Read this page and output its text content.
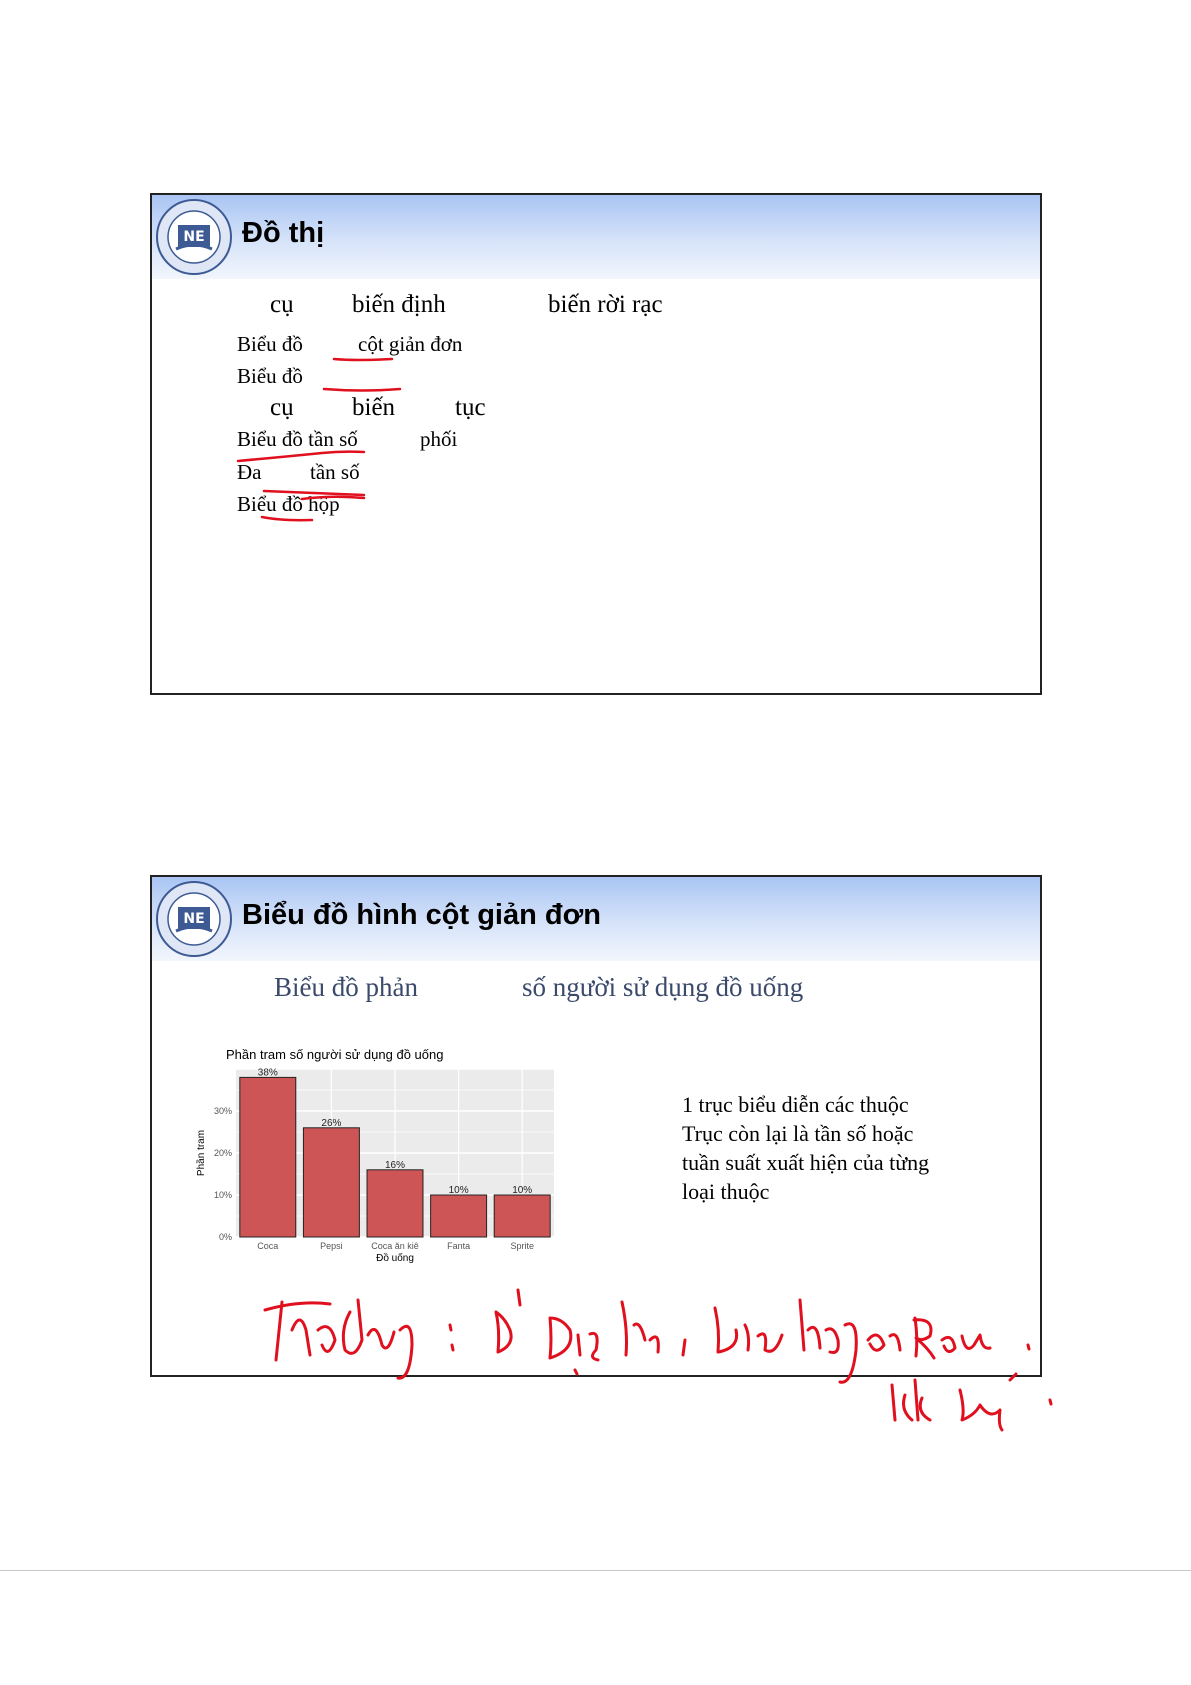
NE Đồ thị
cụ biến định	biến rời rạc
Biểu đồ	cột giản đơn
Biểu đồ
cụ biến tục
Biểu đồ tần số	phối
Đa tần số
Biểu đồ hộp
NE Biểu đồ hình cột giản đơn
Biểu đồ phản	số người sử dụng đồ uống
Phần tram số người sử dụng đồ uống
38%
Coca
26%
Pepsi
16%
Coca ăn kiê
10%
Fanta
10%
Sprite
0%
10%
20%
30%
Đồ uống
Phần tram
1 trục biểu diễn các thuộc
Trục còn lại là tần số hoặc
tuần suất xuất hiện của từng
loại thuộc
